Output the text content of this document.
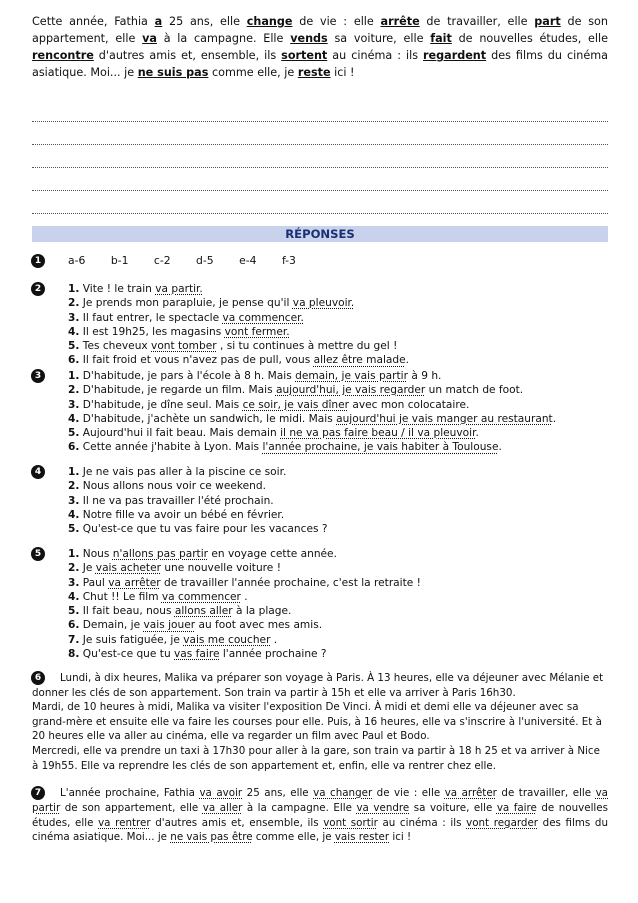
Cette année, Fathia a 25 ans, elle change de vie : elle arrête de travailler, elle part de son appartement, elle va à la campagne. Elle vends sa voiture, elle fait de nouvelles études, elle rencontre d'autres amis et, ensemble, ils sortent au cinéma : ils regardent des films du cinéma asiatique. Moi... je ne suis pas comme elle, je reste ici !
RÉPONSES
1	a-6 b-1 c-2 d-5 e-4 f-3
2	1. Vite ! le train va partir.
2. Je prends mon parapluie, je pense qu'il va pleuvoir.
3. Il faut entrer, le spectacle va commencer.
4. Il est 19h25, les magasins vont fermer.
5. Tes cheveux vont tomber , si tu continues à mettre du gel !
6. Il fait froid et vous n'avez pas de pull, vous allez être malade.
3	1. D'habitude, je pars à l'école à 8 h. Mais demain, je vais partir à 9 h.
2. D'habitude, je regarde un film. Mais aujourd'hui, je vais regarder un match de foot.
3. D'habitude, je dîne seul. Mais ce soir, je vais dîner avec mon colocataire.
4. D'habitude, j'achète un sandwich, le midi. Mais aujourd'hui je vais manger au restaurant.
5. Aujourd'hui il fait beau. Mais demain il ne va pas faire beau / il va pleuvoir.
6. Cette année j'habite à Lyon. Mais l'année prochaine, je vais habiter à Toulouse.
4	1. Je ne vais pas aller à la piscine ce soir.
2. Nous allons nous voir ce weekend.
3. Il ne va pas travailler l'été prochain.
4. Notre fille va avoir un bébé en février.
5. Qu'est-ce que tu vas faire pour les vacances ?
5	1. Nous n'allons pas partir en voyage cette année.
2. Je vais acheter une nouvelle voiture !
3. Paul va arrêter de travailler l'année prochaine, c'est la retraite !
4. Chut !! Le film va commencer .
5. Il fait beau, nous allons aller à la plage.
6. Demain, je vais jouer au foot avec mes amis.
7. Je suis fatiguée, je vais me coucher .
8. Qu'est-ce que tu vas faire l'année prochaine ?
6	Lundi, à dix heures, Malika va préparer son voyage à Paris. À 13 heures, elle va déjeuner avec Mélanie et donner les clés de son appartement. Son train va partir à 15h et elle va arriver à Paris 16h30.
Mardi, de 10 heures à midi, Malika va visiter l'exposition De Vinci. À midi et demi elle va déjeuner avec sa grand-mère et ensuite elle va faire les courses pour elle. Puis, à 16 heures, elle va s'inscrire à l'université. Et à 20 heures elle va aller au cinéma, elle va regarder un film avec Paul et Bodo.
Mercredi, elle va prendre un taxi à 17h30 pour aller à la gare, son train va partir à 18 h 25 et va arriver à Nice à 19h55. Elle va reprendre les clés de son appartement et, enfin, elle va rentrer chez elle.
7	L'année prochaine, Fathia va avoir 25 ans, elle va changer de vie : elle va arrêter de travailler, elle va partir de son appartement, elle va aller à la campagne. Elle va vendre sa voiture, elle va faire de nouvelles études, elle va rentrer d'autres amis et, ensemble, ils vont sortir au cinéma : ils vont regarder des films du cinéma asiatique. Moi... je ne vais pas être comme elle, je vais rester ici !
